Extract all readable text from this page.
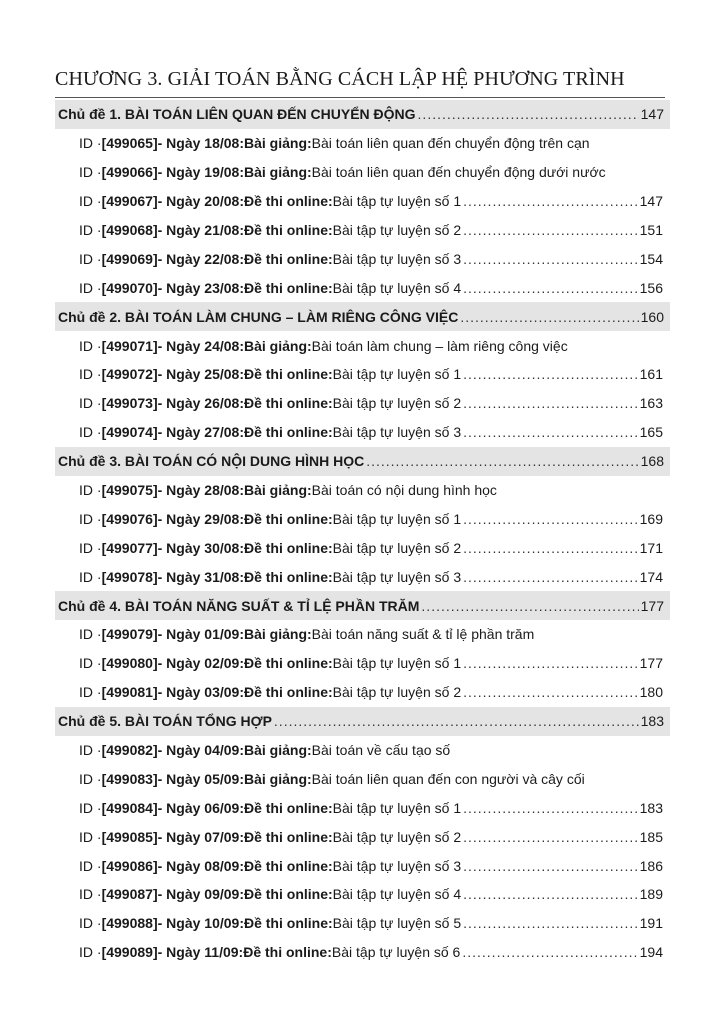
CHƯƠNG 3. GIẢI TOÁN BẰNG CÁCH LẬP HỆ PHƯƠNG TRÌNH
Chủ đề 1. BÀI TOÁN LIÊN QUAN ĐẾN CHUYỂN ĐỘNG .....	147
ID · [499065] - Ngày 18/08: Bài giảng: Bài toán liên quan đến chuyển động trên cạn
ID · [499066] - Ngày 19/08: Bài giảng: Bài toán liên quan đến chuyển động dưới nước
ID · [499067] - Ngày 20/08: Đề thi online: Bài tập tự luyện số 1 .....	147
ID · [499068] - Ngày 21/08: Đề thi online: Bài tập tự luyện số 2 .....	151
ID · [499069] - Ngày 22/08: Đề thi online: Bài tập tự luyện số 3 .....	154
ID · [499070] - Ngày 23/08: Đề thi online: Bài tập tự luyện số 4 .....	156
Chủ đề 2. BÀI TOÁN LÀM CHUNG – LÀM RIÊNG CÔNG VIỆC .....	160
ID · [499071] - Ngày 24/08: Bài giảng: Bài toán làm chung – làm riêng công việc
ID · [499072] - Ngày 25/08: Đề thi online: Bài tập tự luyện số 1 .....	161
ID · [499073] - Ngày 26/08: Đề thi online: Bài tập tự luyện số 2 .....	163
ID · [499074] - Ngày 27/08: Đề thi online: Bài tập tự luyện số 3 .....	165
Chủ đề 3. BÀI TOÁN CÓ NỘI DUNG HÌNH HỌC .....	168
ID · [499075] - Ngày 28/08: Bài giảng: Bài toán có nội dung hình học
ID · [499076] - Ngày 29/08: Đề thi online: Bài tập tự luyện số 1 .....	169
ID · [499077] - Ngày 30/08: Đề thi online: Bài tập tự luyện số 2 .....	171
ID · [499078] - Ngày 31/08: Đề thi online: Bài tập tự luyện số 3 .....	174
Chủ đề 4. BÀI TOÁN NĂNG SUẤT & TỈ LỆ PHẦN TRĂM .....	177
ID · [499079] - Ngày 01/09: Bài giảng: Bài toán năng suất & tỉ lệ phần trăm
ID · [499080] - Ngày 02/09: Đề thi online: Bài tập tự luyện số 1 .....	177
ID · [499081] - Ngày 03/09: Đề thi online: Bài tập tự luyện số 2 .....	180
Chủ đề 5. BÀI TOÁN TỔNG HỢP .....	183
ID · [499082] - Ngày 04/09: Bài giảng: Bài toán về cấu tạo số
ID · [499083] - Ngày 05/09: Bài giảng: Bài toán liên quan đến con người và cây cối
ID · [499084] - Ngày 06/09: Đề thi online: Bài tập tự luyện số 1 .....	183
ID · [499085] - Ngày 07/09: Đề thi online: Bài tập tự luyện số 2 .....	185
ID · [499086] - Ngày 08/09: Đề thi online: Bài tập tự luyện số 3 .....	186
ID · [499087] - Ngày 09/09: Đề thi online: Bài tập tự luyện số 4 .....	189
ID · [499088] - Ngày 10/09: Đề thi online: Bài tập tự luyện số 5 .....	191
ID · [499089] - Ngày 11/09: Đề thi online: Bài tập tự luyện số 6 .....	194
